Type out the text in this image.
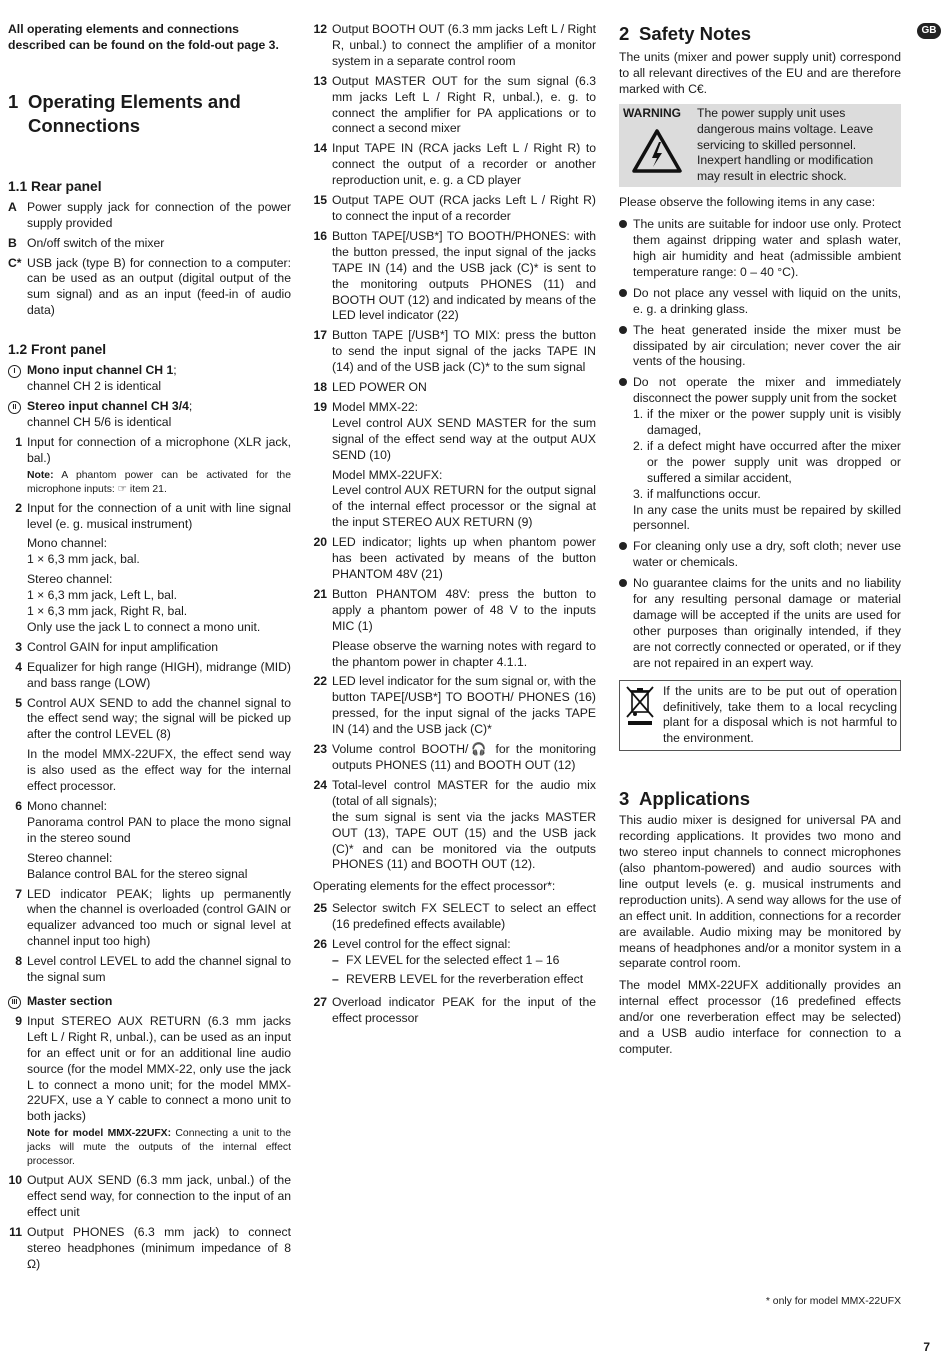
GB

All operating elements and connections described can be found on the fold-out page 3.

1 Operating Elements and Connections
1.1 Rear panel
A Power supply jack for connection of the power supply provided
B On/off switch of the mixer
C* USB jack (type B) for connection to a computer: can be used as an output (digital output of the sum signal) and as an input (feed-in of audio data)
1.2 Front panel
I Mono input channel CH 1;
channel CH 2 is identical
II Stereo input channel CH 3/4;
channel CH 5/6 is identical
1 Input for connection of a microphone (XLR jack, bal.)
Note: A phantom power can be activated for the microphone inputs: ☞ item 21.
2 Input for the connection of a unit with line signal level (e. g. musical instrument)
Mono channel:
1 × 6,3 mm jack, bal.
Stereo channel:
1 × 6,3 mm jack, Left L, bal.
1 × 6,3 mm jack, Right R, bal.
Only use the jack L to connect a mono unit.
3 Control GAIN for input amplification
4 Equalizer for high range (HIGH), midrange (MID) and bass range (LOW)
5 Control AUX SEND to add the channel signal to the effect send way; the signal will be picked up after the control LEVEL (8)
In the model MMX-22UFX, the effect send way is also used as the effect way for the internal effect processor.
6 Mono channel:
Panorama control PAN to place the mono signal in the stereo sound
Stereo channel:
Balance control BAL for the stereo signal
7 LED indicator PEAK; lights up permanently when the channel is overloaded (control GAIN or equalizer advanced too much or signal level at channel input too high)
8 Level control LEVEL to add the channel signal to the signal sum
III Master section
9 Input STEREO AUX RETURN (6.3 mm jacks Left L / Right R, unbal.), can be used as an input for an effect unit or for an additional line audio source (for the model MMX-22, only use the jack L to connect a mono unit; for the model MMX-22UFX, use a Y cable to connect a mono unit to both jacks)
Note for model MMX-22UFX: Connecting a unit to the jacks will mute the outputs of the internal effect processor.
10 Output AUX SEND (6.3 mm jack, unbal.) of the effect send way, for connection to the input of an effect unit
11 Output PHONES (6.3 mm jack) to connect stereo headphones (minimum impedance of 8 Ω)
12 Output BOOTH OUT (6.3 mm jacks Left L / Right R, unbal.) to connect the amplifier of a monitor system in a separate control room
13 Output MASTER OUT for the sum signal (6.3 mm jacks Left L / Right R, unbal.), e. g. to connect the amplifier for PA applications or to connect a second mixer
14 Input TAPE IN (RCA jacks Left L / Right R) to connect the output of a recorder or another reproduction unit, e. g. a CD player
15 Output TAPE OUT (RCA jacks Left L / Right R) to connect the input of a recorder
16 Button TAPE[/USB*] TO BOOTH/PHONES: with the button pressed, the input signal of the jacks TAPE IN (14) and the USB jack (C)* is sent to the monitoring outputs PHONES (11) and BOOTH OUT (12) and indicated by means of the LED level indicator (22)
17 Button TAPE [/USB*] TO MIX: press the button to send the input signal of the jacks TAPE IN (14) and of the USB jack (C)* to the sum signal
18 LED POWER ON
19 Model MMX-22:
Level control AUX SEND MASTER for the sum signal of the effect send way at the output AUX SEND (10)
Model MMX-22UFX:
Level control AUX RETURN for the output signal of the internal effect processor or the signal at the input STEREO AUX RETURN (9)
20 LED indicator; lights up when phantom power has been activated by means of the button PHANTOM 48V (21)
21 Button PHANTOM 48V: press the button to apply a phantom power of 48 V to the inputs MIC (1)
Please observe the warning notes with regard to the phantom power in chapter 4.1.1.
22 LED level indicator for the sum signal or, with the button TAPE[/USB*] TO BOOTH/ PHONES (16) pressed, for the input signal of the jacks TAPE IN (14) and the USB jack (C)*
23 Volume control BOOTH/🎧 for the monitoring outputs PHONES (11) and BOOTH OUT (12)
24 Total-level control MASTER for the audio mix (total of all signals);
the sum signal is sent via the jacks MASTER OUT (13), TAPE OUT (15) and the USB jack (C)* and can be monitored via the outputs PHONES (11) and BOOTH OUT (12).

Operating elements for the effect processor*:

25 Selector switch FX SELECT to select an effect (16 predefined effects available)
26 Level control for the effect signal:
– FX LEVEL for the selected effect 1 – 16
– REVERB LEVEL for the reverberation effect
27 Overload indicator PEAK for the input of the effect processor
2 Safety Notes

The units (mixer and power supply unit) correspond to all relevant directives of the EU and are therefore marked with C€.

WARNING	The power supply unit uses dangerous mains voltage. Leave servicing to skilled personnel. Inexpert handling or modification may result in electric shock.

Please observe the following items in any case:

The units are suitable for indoor use only. Protect them against dripping water and splash water, high air humidity and heat (admissible ambient temperature range: 0 – 40 °C).
Do not place any vessel with liquid on the units, e. g. a drinking glass.
The heat generated inside the mixer must be dissipated by air circulation; never cover the air vents of the housing.
Do not operate the mixer and immediately disconnect the power supply unit from the socket
1. if the mixer or the power supply unit is visibly damaged,
2. if a defect might have occurred after the mixer or the power supply unit was dropped or suffered a similar accident,
3. if malfunctions occur.
In any case the units must be repaired by skilled personnel.
For cleaning only use a dry, soft cloth; never use water or chemicals.
No guarantee claims for the units and no liability for any resulting personal damage or material damage will be accepted if the units are used for other purposes than originally intended, if they are not correctly connected or operated, or if they are not repaired in an expert way.
If the units are to be put out of operation definitively, take them to a local recycling plant for a disposal which is not harmful to the environment.
3 Applications

This audio mixer is designed for universal PA and recording applications. It provides two mono and two stereo input channels to connect microphones (also phantom-powered) and audio sources with line output levels (e. g. musical instruments and reproduction units). A send way allows for the use of an effect unit. In addition, connections for a recorder are available. Audio mixing may be monitored by means of headphones and/or a monitor system in a separate control room.

The model MMX-22UFX additionally provides an internal effect processor (16 predefined effects and/or one reverberation effect may be selected) and a USB audio interface for connection to a computer.

* only for model MMX-22UFX
7
